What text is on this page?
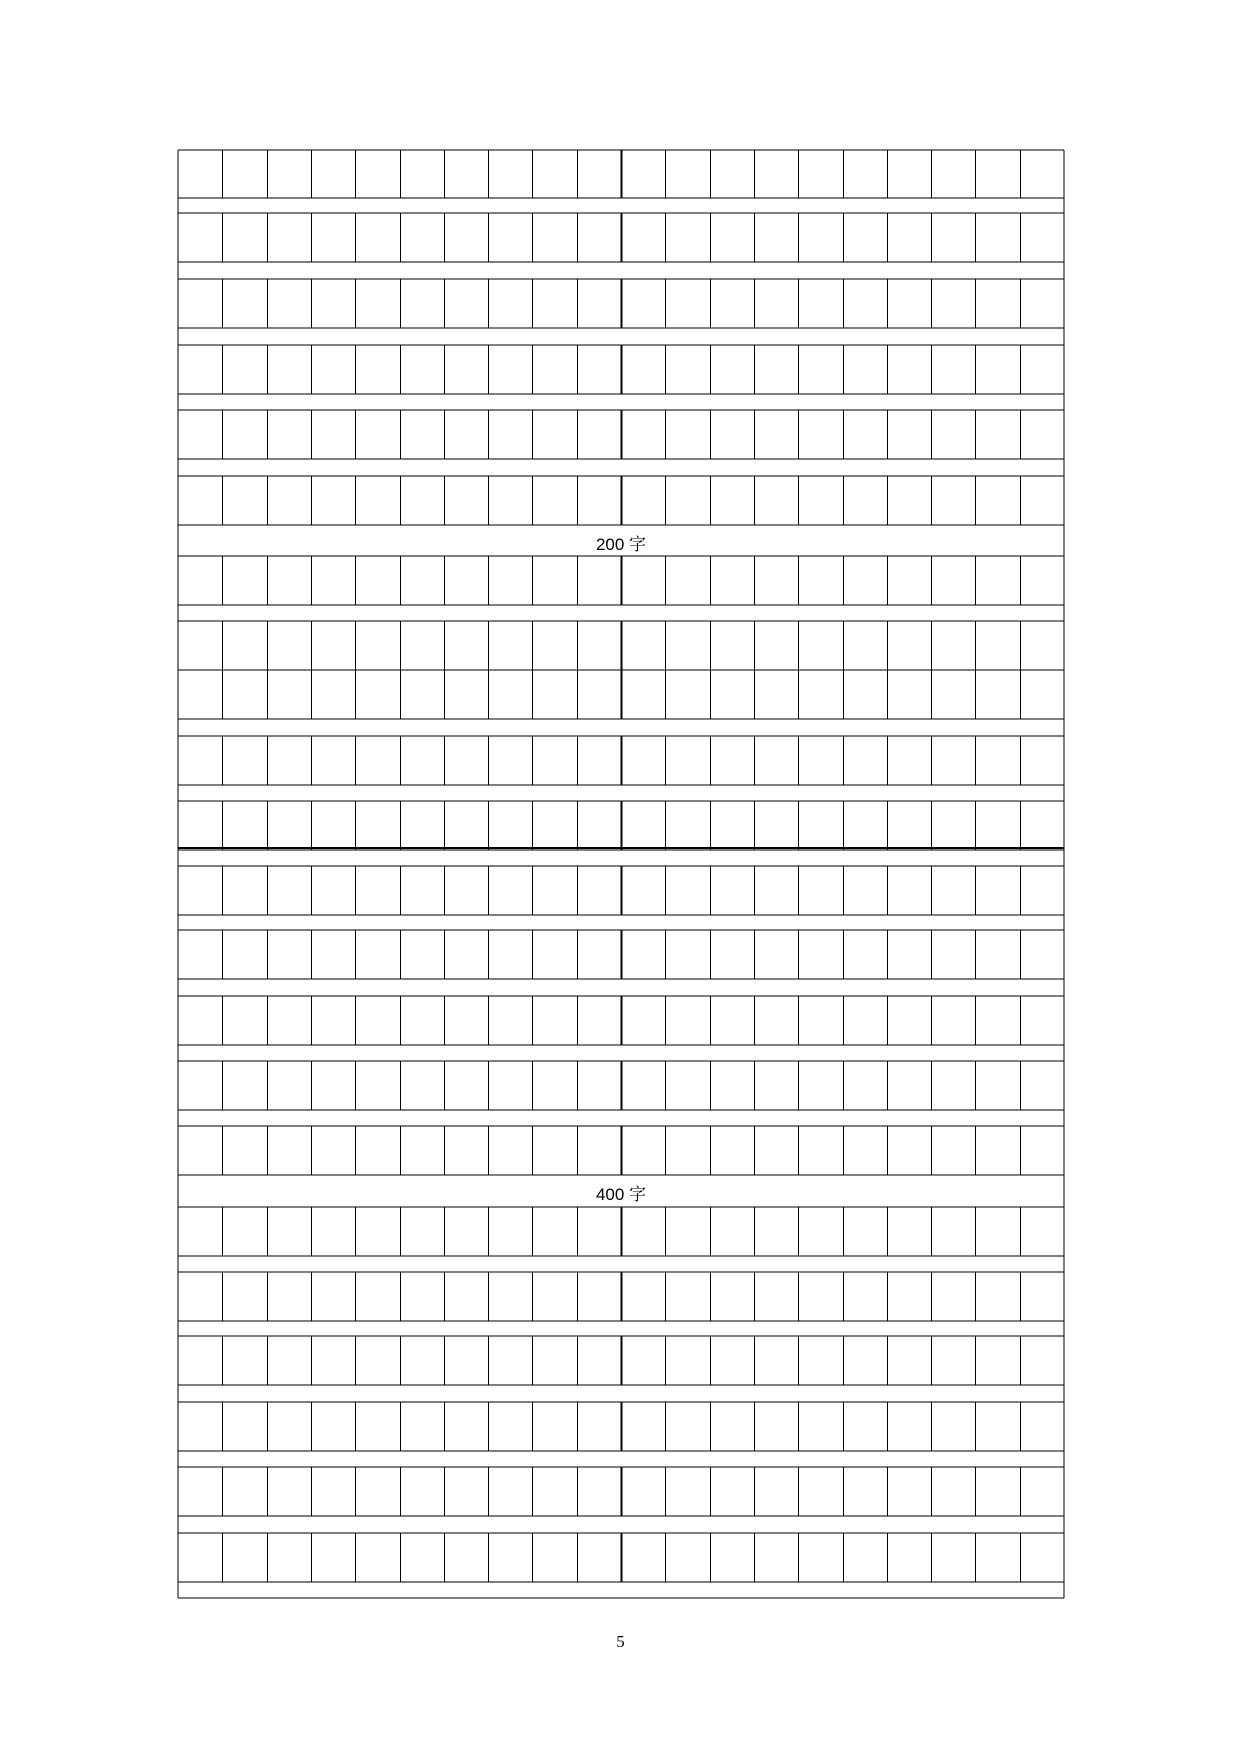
200 字
400 字
5
